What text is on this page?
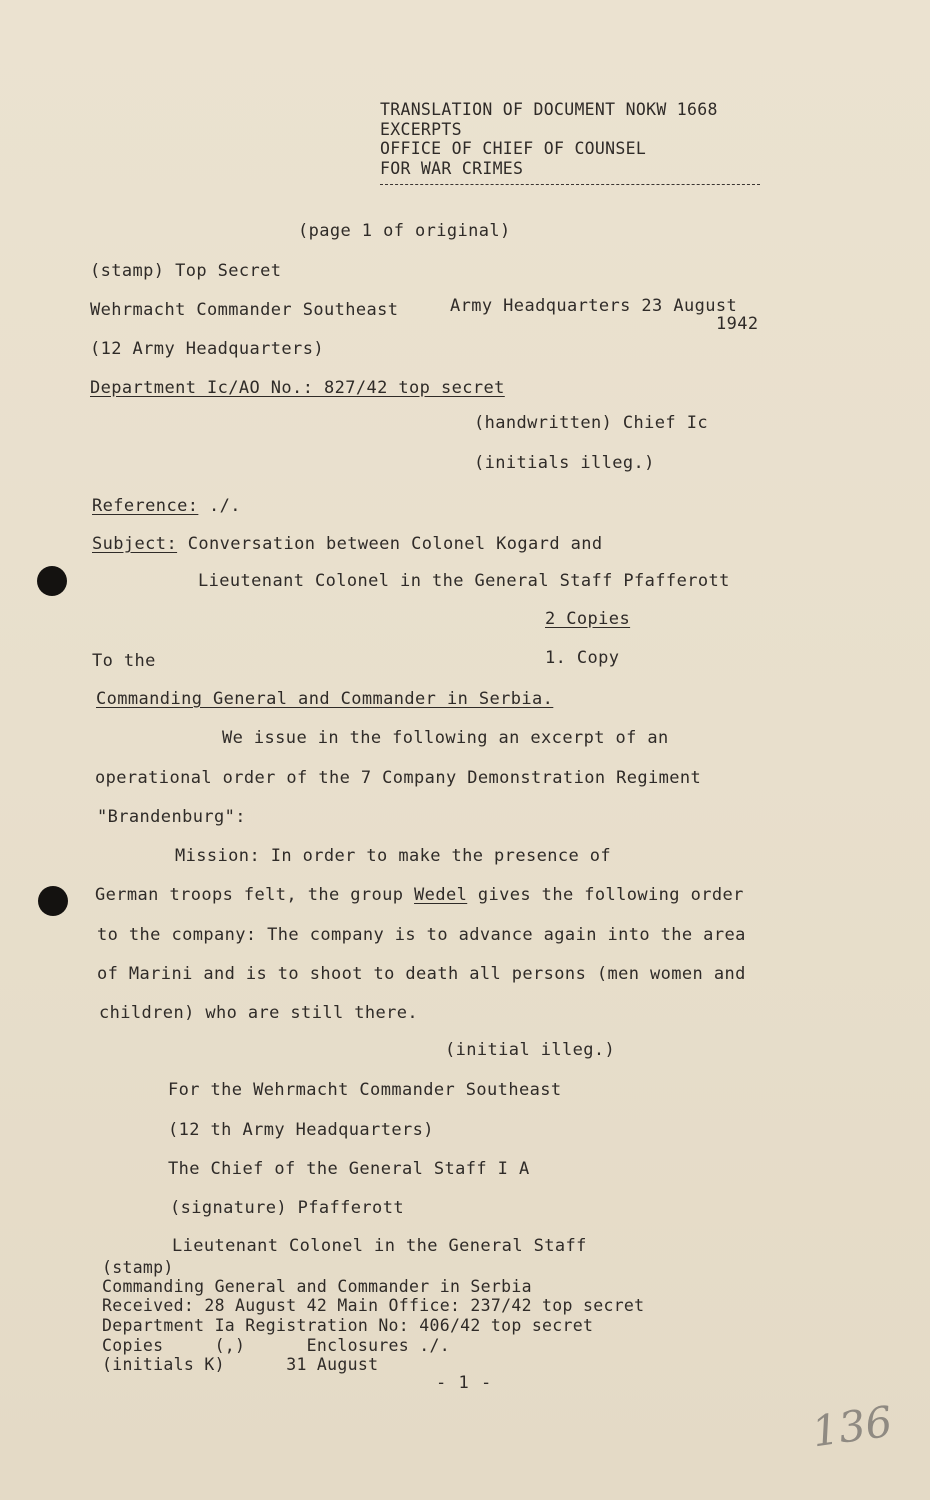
TRANSLATION OF DOCUMENT NOKW 1668
EXCERPTS
OFFICE OF CHIEF OF COUNSEL
FOR WAR CRIMES
(page 1 of original)
(stamp) Top Secret
Wehrmacht Commander Southeast	Army Headquarters 23 August
1942
(12 Army Headquarters)
Department Ic/AO No.: 827/42 top secret
(handwritten) Chief Ic
(initials illeg.)
Reference: ./.
Subject: Conversation between Colonel Kogard and
Lieutenant Colonel in the General Staff Pfafferott
2 Copies
To the	1. Copy
Commanding General and Commander in Serbia.
We issue in the following an excerpt of an
operational order of the 7 Company Demonstration Regiment
"Brandenburg":
Mission: In order to make the presence of
German troops felt, the group Wedel gives the following order
to the company: The company is to advance again into the area
of Marini and is to shoot to death all persons (men women and
children) who are still there.
(initial illeg.)
For the Wehrmacht Commander Southeast
(12 th Army Headquarters)
The Chief of the General Staff I A
(signature) Pfafferott
Lieutenant Colonel in the General Staff
(stamp)
Commanding General and Commander in Serbia
Received: 28 August 42 Main Office: 237/42 top secret
Department Ia Registration No: 406/42 top secret
Copies     (,)      Enclosures ./.
(initials K)      31 August
- 1 -
136
